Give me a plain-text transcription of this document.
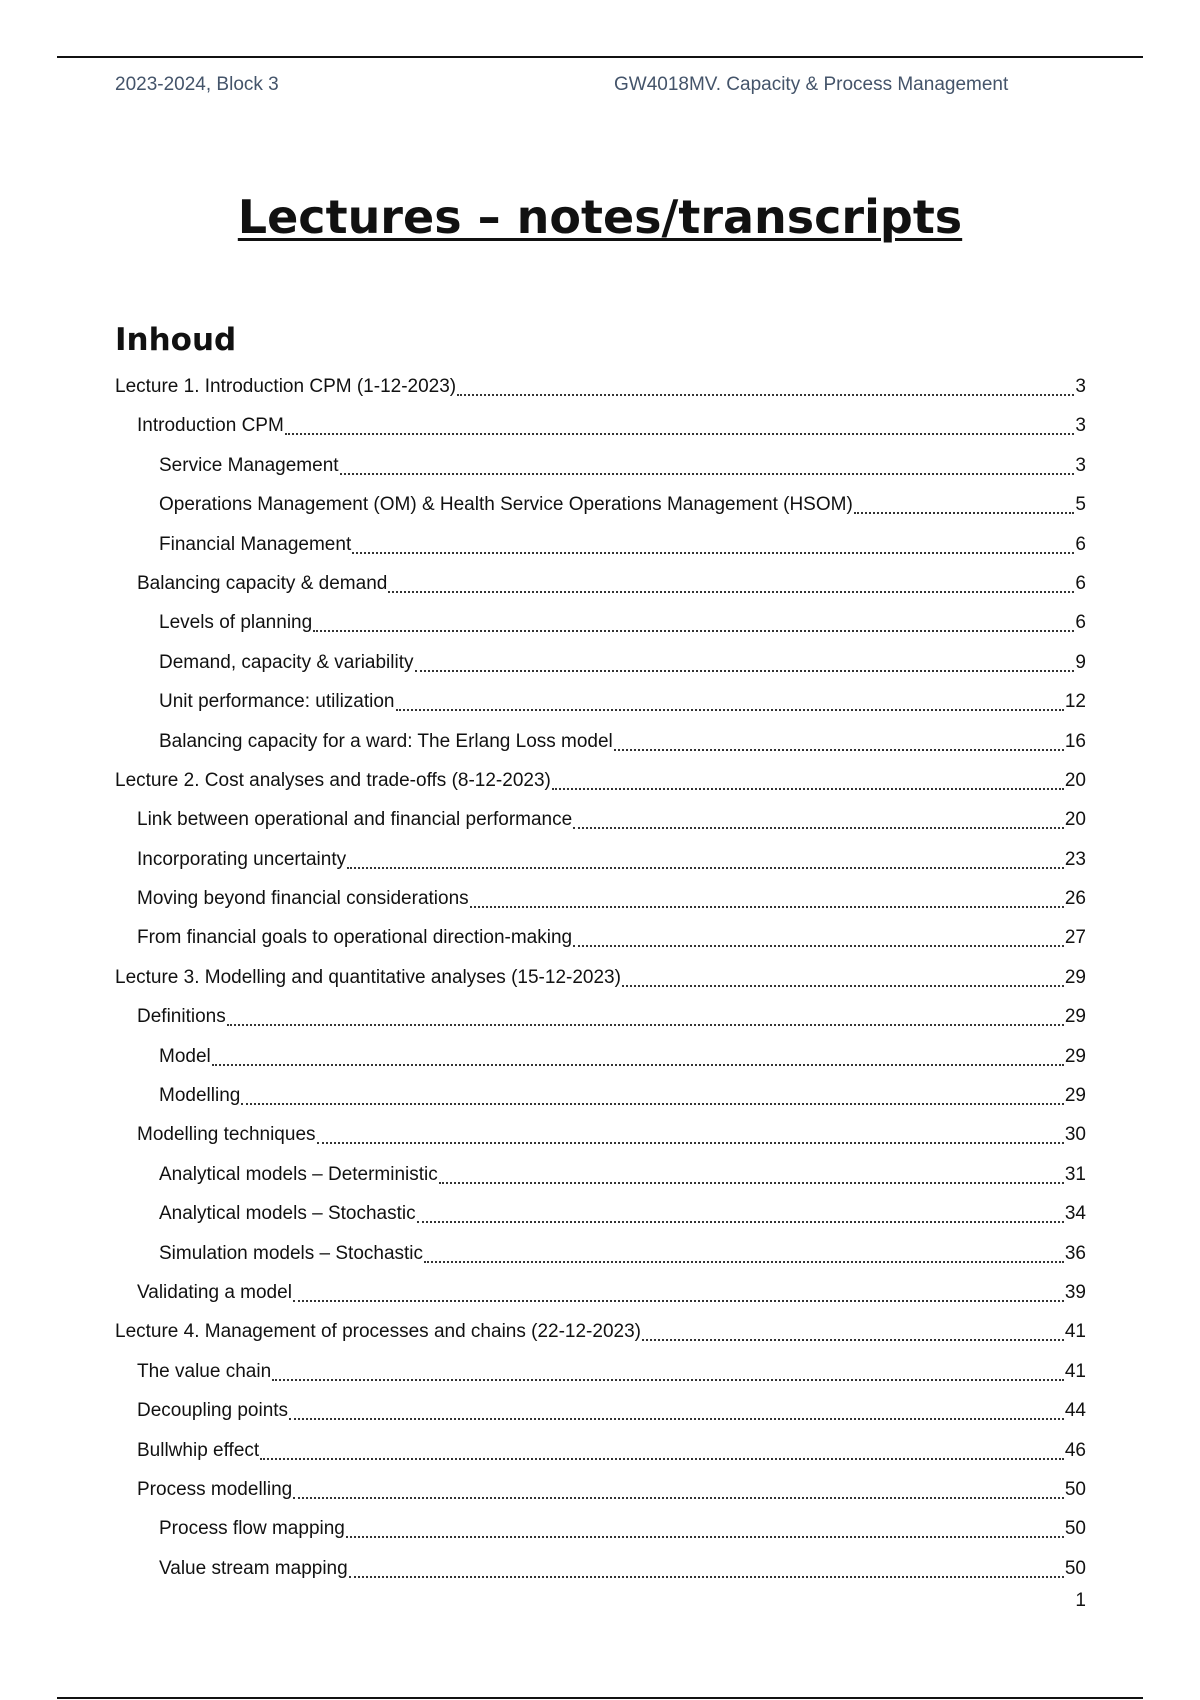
2023-2024, Block 3	GW4018MV. Capacity & Process Management
Lectures – notes/transcripts
Inhoud
Lecture 1. Introduction CPM (1-12-2023)	3
Introduction CPM	3
Service Management	3
Operations Management (OM) & Health Service Operations Management (HSOM)	5
Financial Management	6
Balancing capacity & demand	6
Levels of planning	6
Demand, capacity & variability	9
Unit performance: utilization	12
Balancing capacity for a ward: The Erlang Loss model	16
Lecture 2. Cost analyses and trade-offs (8-12-2023)	20
Link between operational and financial performance	20
Incorporating uncertainty	23
Moving beyond financial considerations	26
From financial goals to operational direction-making	27
Lecture 3. Modelling and quantitative analyses (15-12-2023)	29
Definitions	29
Model	29
Modelling	29
Modelling techniques	30
Analytical models – Deterministic	31
Analytical models – Stochastic	34
Simulation models – Stochastic	36
Validating a model	39
Lecture 4. Management of processes and chains (22-12-2023)	41
The value chain	41
Decoupling points	44
Bullwhip effect	46
Process modelling	50
Process flow mapping	50
Value stream mapping	50
1
